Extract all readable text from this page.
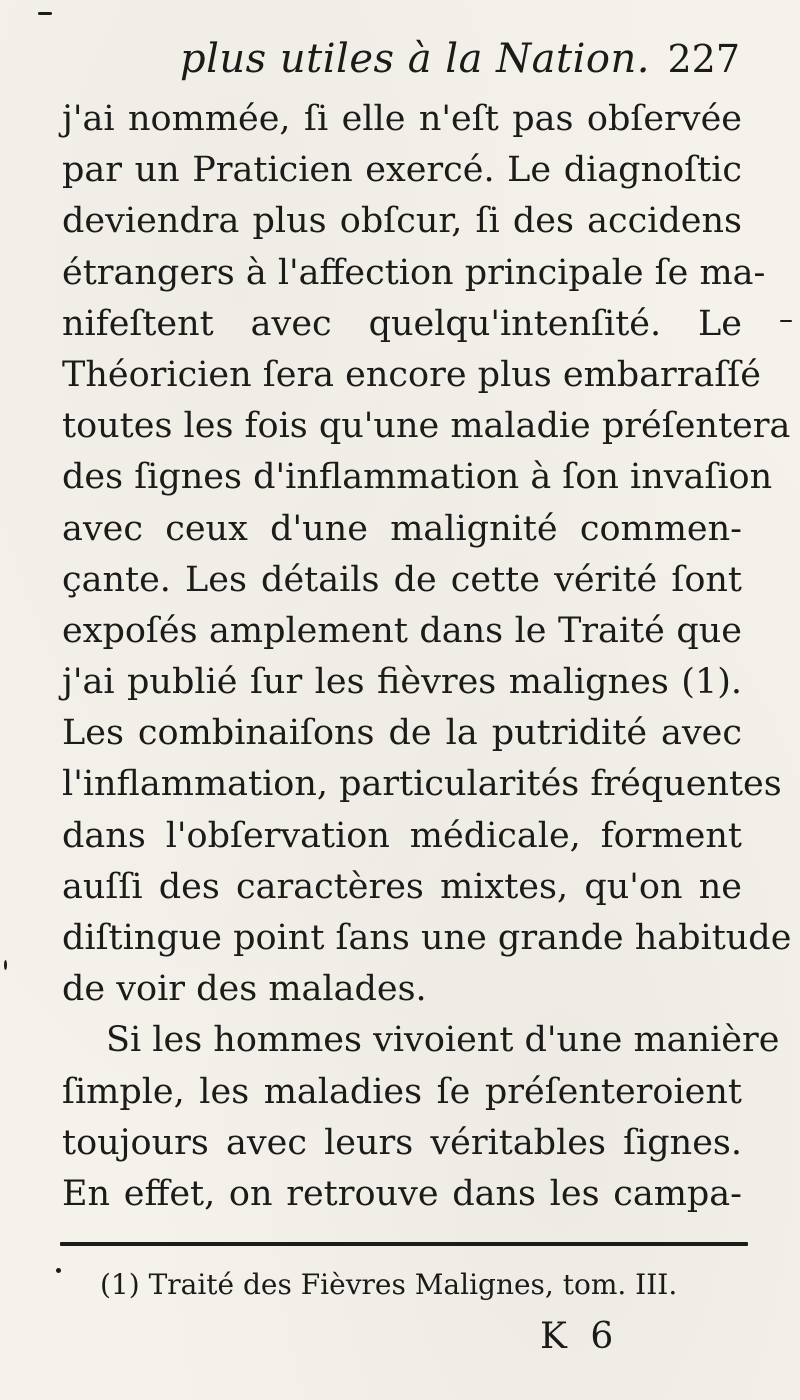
plus utiles à la Nation. 227
j'ai nommée, ſi elle n'eſt pas obſervée
par un Praticien exercé. Le diagnoſtic
deviendra plus obſcur, ſi des accidens
étrangers à l'affection principale ſe ma-
nifeſtent avec quelqu'intenſité. Le
Théoricien ſera encore plus embarraſſé
toutes les fois qu'une maladie préſentera
des ſignes d'inflammation à ſon invaſion
avec ceux d'une malignité commen-
çante. Les détails de cette vérité ſont
expoſés amplement dans le Traité que
j'ai publié ſur les fièvres malignes (1).
Les combinaiſons de la putridité avec
l'inflammation, particularités fréquentes
dans l'obſervation médicale, forment
auſſi des caractères mixtes, qu'on ne
diſtingue point ſans une grande habitude
de voir des malades.
Si les hommes vivoient d'une manière
ſimple, les maladies ſe préſenteroient
toujours avec leurs véritables ſignes.
En effet, on retrouve dans les campa-
(1) Traité des Fièvres Malignes, tom. III.
K 6
